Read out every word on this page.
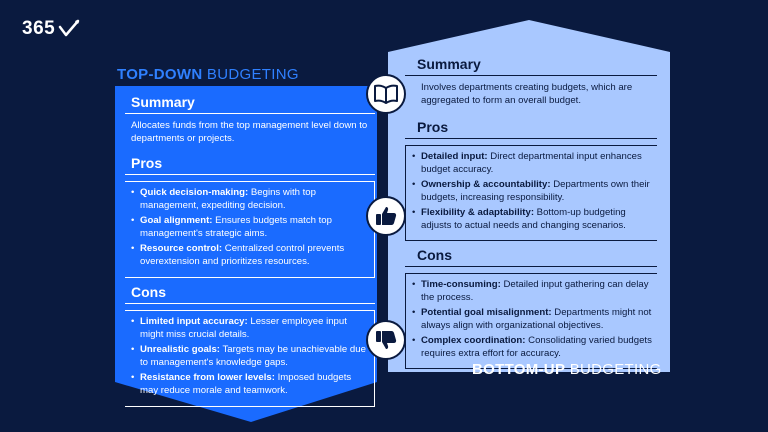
365
TOP-DOWN BUDGETING
Summary
Allocates funds from the top management level down to departments or projects.
Pros
• Quick decision-making: Begins with top management, expediting decision.
• Goal alignment: Ensures budgets match top management's strategic aims.
• Resource control: Centralized control prevents overextension and prioritizes resources.
Cons
• Limited input accuracy: Lesser employee input might miss crucial details.
• Unrealistic goals: Targets may be unachievable due to management's knowledge gaps.
• Resistance from lower levels: Imposed budgets may reduce morale and teamwork.
Summary
Involves departments creating budgets, which are aggregated to form an overall budget.
Pros
• Detailed input: Direct departmental input enhances budget accuracy.
• Ownership & accountability: Departments own their budgets, increasing responsibility.
• Flexibility & adaptability: Bottom-up budgeting adjusts to actual needs and changing scenarios.
Cons
• Time-consuming: Detailed input gathering can delay the process.
• Potential goal misalignment: Departments might not always align with organizational objectives.
• Complex coordination: Consolidating varied budgets requires extra effort for accuracy.
BOTTOM-UP BUDGETING
